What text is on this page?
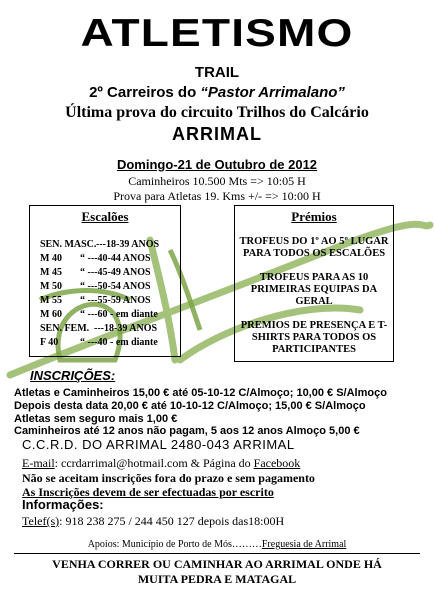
ATLETISMO
TRAIL
2º Carreiros do “Pastor Arrimalano”
Última prova do circuito Trilhos do Calcário
ARRIMAL
Domingo-21 de Outubro de 2012
Caminheiros 10.500 Mts => 10:05 H
Prova para Atletas 19. Kms +/- => 10:00 H
Escalões
SEN. MASC.---18-39 ANOS
M 40 “ ---40-44 ANOS
M 45 “ ---45-49 ANOS
M 50 “ ---50-54 ANOS
M 55 “ ---55-59 ANOS
M 60 “ ---60 - em diante
SEN. FEM. ---18-39 ANOS
F 40 “ ---40 - em diante
Prémios
TROFEUS DO 1º AO 5º LUGAR PARA TODOS OS ESCALÕES
TROFEUS PARA AS 10 PRIMEIRAS EQUIPAS DA GERAL
PREMIOS DE PRESENÇA E T-SHIRTS PARA TODOS OS PARTICIPANTES
INSCRIÇÕES:
Atletas e Caminheiros 15,00 € até 05-10-12 C/Almoço; 10,00 € S/Almoço
Depois desta data 20,00 € até 10-10-12 C/Almoço; 15,00 € S/Almoço
Atletas sem seguro mais 1,00 €
Caminheiros até 12 anos não pagam, 5 aos 12 anos Almoço 5,00 €
C.C.R.D. DO ARRIMAL 2480-043 ARRIMAL
E-mail: ccrdarrimal@hotmail.com & Página do Facebook
Não se aceitam inscrições fora do prazo e sem pagamento
As Inscrições devem de ser efectuadas por escrito
Informações:
Telef(s): 918 238 275 / 244 450 127 depois das18:00H
Apoios: Município de Porto de Mós………Freguesia de Arrimal
VENHA CORRER OU CAMINHAR AO ARRIMAL ONDE HÁ
MUITA PEDRA E MATAGAL
